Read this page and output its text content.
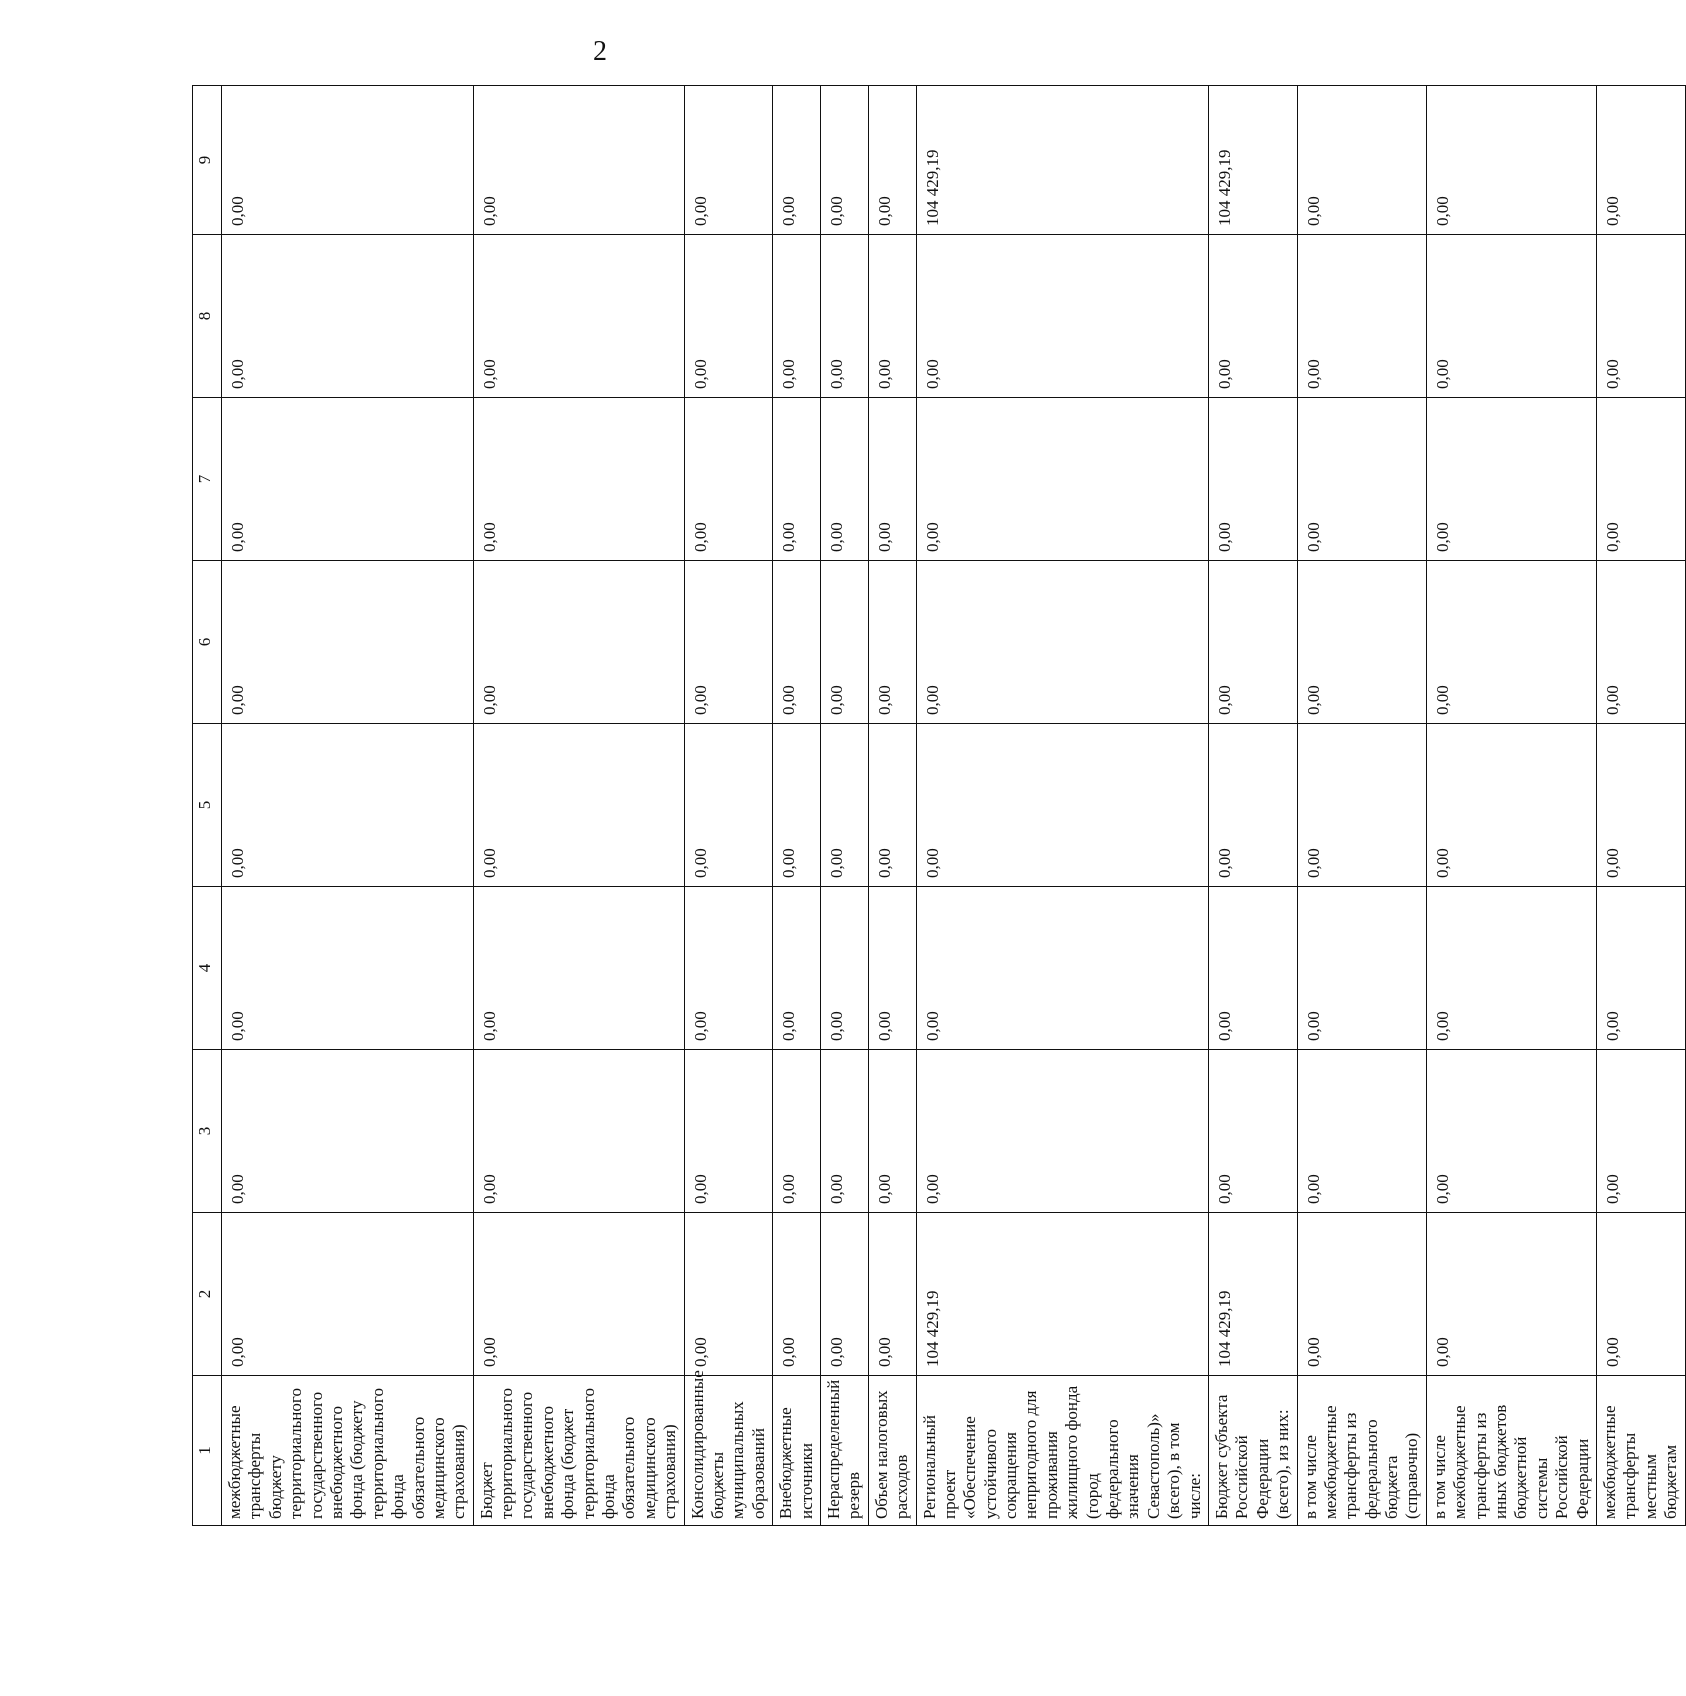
2
1	2	3	4	5	6	7	8	9
межбюджетные трансферты бюджету территориального государственного внебюджетного фонда (бюджету территориального фонда обязательного медицинского страхования)	0,00	0,00	0,00	0,00	0,00	0,00	0,00	0,00
Бюджет территориального государственного внебюджетного фонда (бюджет территориального фонда обязательного медицинского страхования)	0,00	0,00	0,00	0,00	0,00	0,00	0,00	0,00
Консолидированные бюджеты муниципальных образований	0,00	0,00	0,00	0,00	0,00	0,00	0,00	0,00
Внебюджетные источники	0,00	0,00	0,00	0,00	0,00	0,00	0,00	0,00
Нераспределенный резерв	0,00	0,00	0,00	0,00	0,00	0,00	0,00	0,00
Объем налоговых расходов	0,00	0,00	0,00	0,00	0,00	0,00	0,00	0,00
Региональный проект «Обеспечение устойчивого сокращения непригодного для проживания жилищного фонда (город федерального значения Севастополь)» (всего), в том числе:	104 429,19	0,00	0,00	0,00	0,00	0,00	0,00	104 429,19
Бюджет субъекта Российской Федерации (всего), из них:	104 429,19	0,00	0,00	0,00	0,00	0,00	0,00	104 429,19
в том числе межбюджетные трансферты из федерального бюджета (справочно)	0,00	0,00	0,00	0,00	0,00	0,00	0,00	0,00
в том числе межбюджетные трансферты из иных бюджетов бюджетной системы Российской Федерации	0,00	0,00	0,00	0,00	0,00	0,00	0,00	0,00
межбюджетные трансферты местным бюджетам	0,00	0,00	0,00	0,00	0,00	0,00	0,00	0,00
